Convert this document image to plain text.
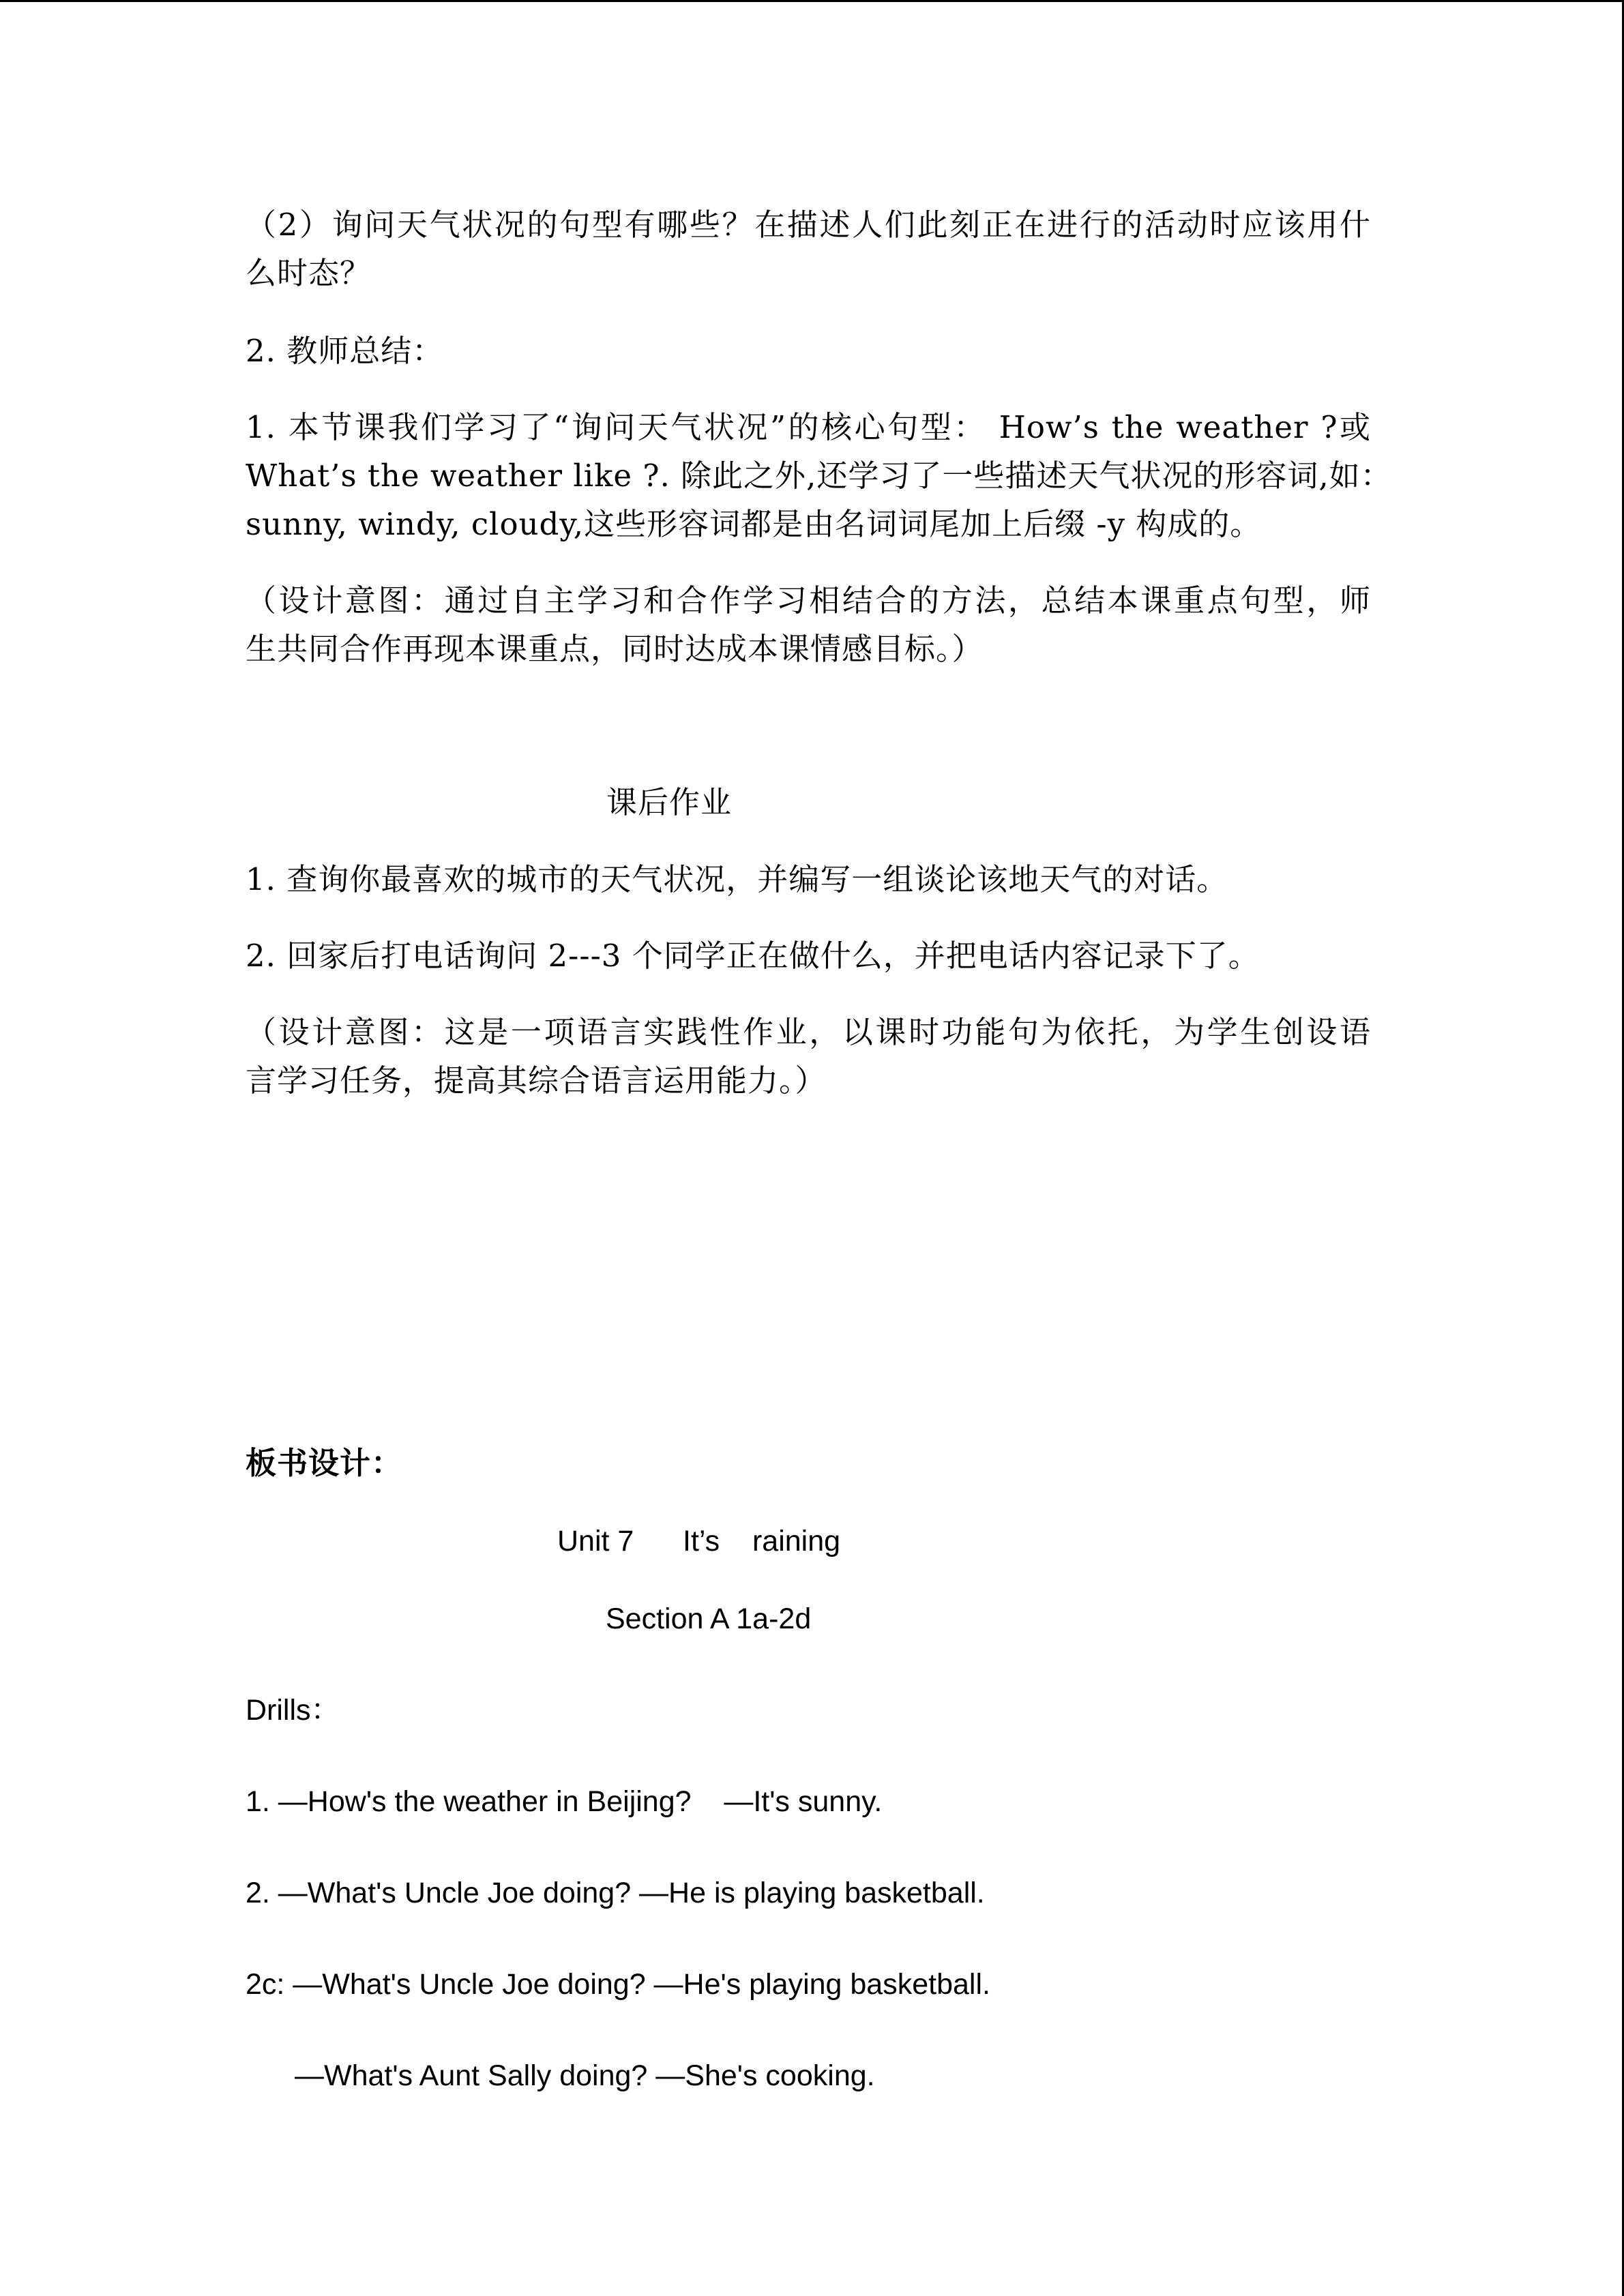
（2）询问天气状况的句型有哪些？在描述人们此刻正在进行的活动时应该用什
么时态？
2. 教师总结：
1. 本节课我们学习了“询问天气状况”的核心句型： How’s the weather ?或
What’s the weather like ?. 除此之外,还学习了一些描述天气状况的形容词,如：
sunny, windy, cloudy,这些形容词都是由名词词尾加上后缀 -y 构成的。
（设计意图：通过自主学习和合作学习相结合的方法，总结本课重点句型，师
生共同合作再现本课重点，同时达成本课情感目标。）
课后作业
1. 查询你最喜欢的城市的天气状况，并编写一组谈论该地天气的对话。
2. 回家后打电话询问 2---3 个同学正在做什么，并把电话内容记录下了。
（设计意图：这是一项语言实践性作业，以课时功能句为依托，为学生创设语
言学习任务，提高其综合语言运用能力。）
板书设计：
Unit 7      It’s    raining
Section A 1a-2d
Drills：
1. —How's the weather in Beijing?    —It's sunny.
2. —What's Uncle Joe doing? —He is playing basketball.
2c: —What's Uncle Joe doing? —He's playing basketball.
—What's Aunt Sally doing? —She's cooking.
